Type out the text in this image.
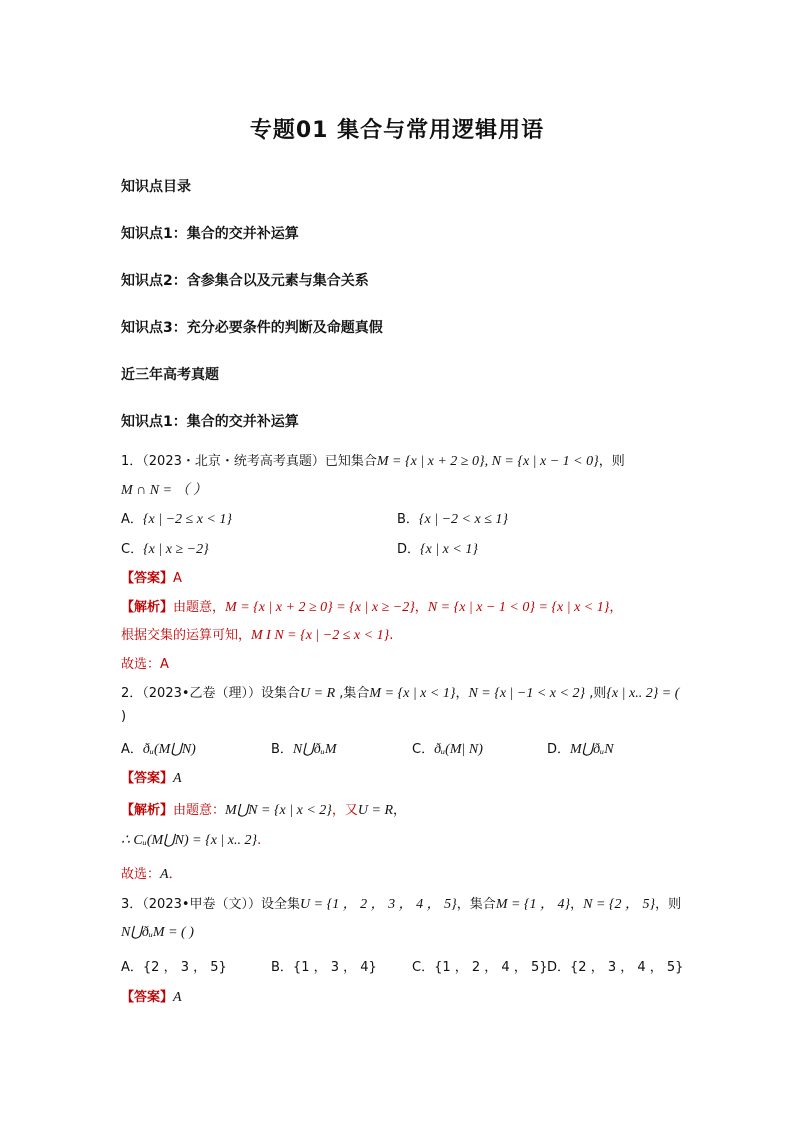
专题01 集合与常用逻辑用语
知识点目录
知识点1：集合的交并补运算
知识点2：含参集合以及元素与集合关系
知识点3：充分必要条件的判断及命题真假
近三年高考真题
知识点1：集合的交并补运算
1．（2023・北京・统考高考真题）已知集合M = {x | x + 2 ≥ 0}, N = {x | x − 1 < 0}，则
M ∩ N = （ ）
A．{x | −2 ≤ x < 1}	B．{x | −2 < x ≤ 1}
C．{x | x ≥ −2}	D．{x | x < 1}
【答案】A
【解析】由题意，M = {x | x + 2 ≥ 0} = {x | x ≥ −2}，N = {x | x − 1 < 0} = {x | x < 1}，
根据交集的运算可知，M I N = {x | −2 ≤ x < 1}.
故选：A
2．（2023•乙卷（理））设集合U = R ,集合M = {x | x < 1}，N = {x | −1 < x < 2} ,则{x | x.. 2} = (
)
A．ðᵤ(M⋃N)	B．N⋃ðᵤM	C．ðᵤ(M| N)	D．M⋃ðᵤN
【答案】A
【解析】由题意：M⋃N = {x | x < 2}，又U = R，
∴ Cᵤ(M⋃N) = {x | x.. 2}.
故选：A．
3．（2023•甲卷（文））设全集U = {1 ， 2 ， 3 ， 4 ， 5}，集合M = {1 ， 4}，N = {2 ， 5}，则
N⋃ðᵤM = ( )
A．{2 ， 3 ， 5}	B．{1 ， 3 ， 4}	C．{1 ， 2 ， 4 ， 5} D．{2 ， 3 ， 4 ， 5}
【答案】A
